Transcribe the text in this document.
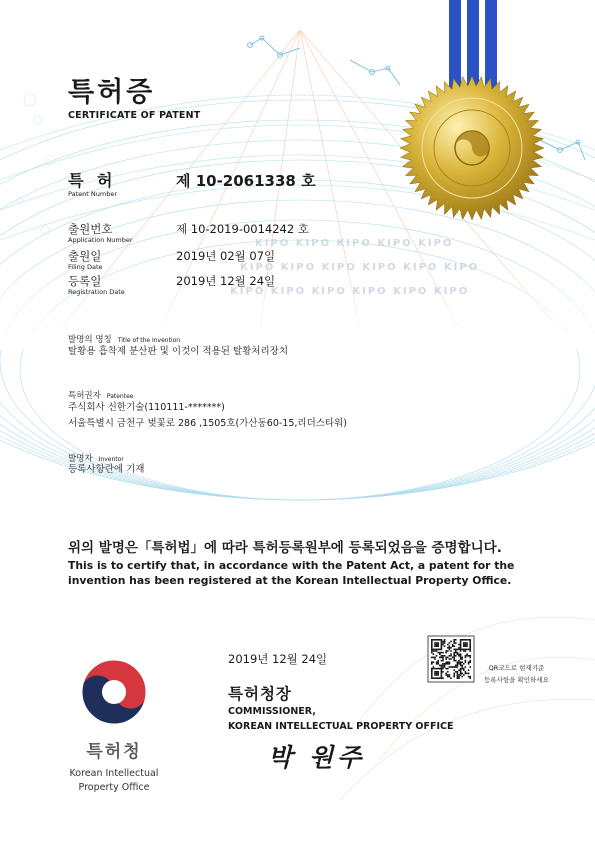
KIPO KIPO KIPO KIPO KIPO
KIPO KIPO KIPO KIPO KIPO KIPO
KIPO KIPO KIPO KIPO KIPO KIPO
특허증
CERTIFICATE OF PATENT
특 허
Patent Number
제 10-2061338 호
출원번호
Application Number
제 10-2019-0014242 호
출원일
Filing Date
2019년 02월 07일
등록일
Registration Date
2019년 12월 24일
발명의 명칭 Title of the Invention
탈황용 흡착제 분산판 및 이것이 적용된 탈황처리장치
특허권자 Patentee
주식회사 신한기술(110111-*******)
서울특별시 금천구 벚꽃로 286 ,1505호(가산동60-15,리더스타워)
발명자 Inventor
등록사항란에 기재
위의 발명은「특허법」에 따라 특허등록원부에 등록되었음을 증명합니다.
This is to certify that, in accordance with the Patent Act, a patent for the invention has been registered at the Korean Intellectual Property Office.
2019년 12월 24일
QR코드로 현재기준
등록사항을 확인하세요
특허청장
COMMISSIONER,
KOREAN INTELLECTUAL PROPERTY OFFICE
박 원주
특허청
Korean Intellectual
Property Office
